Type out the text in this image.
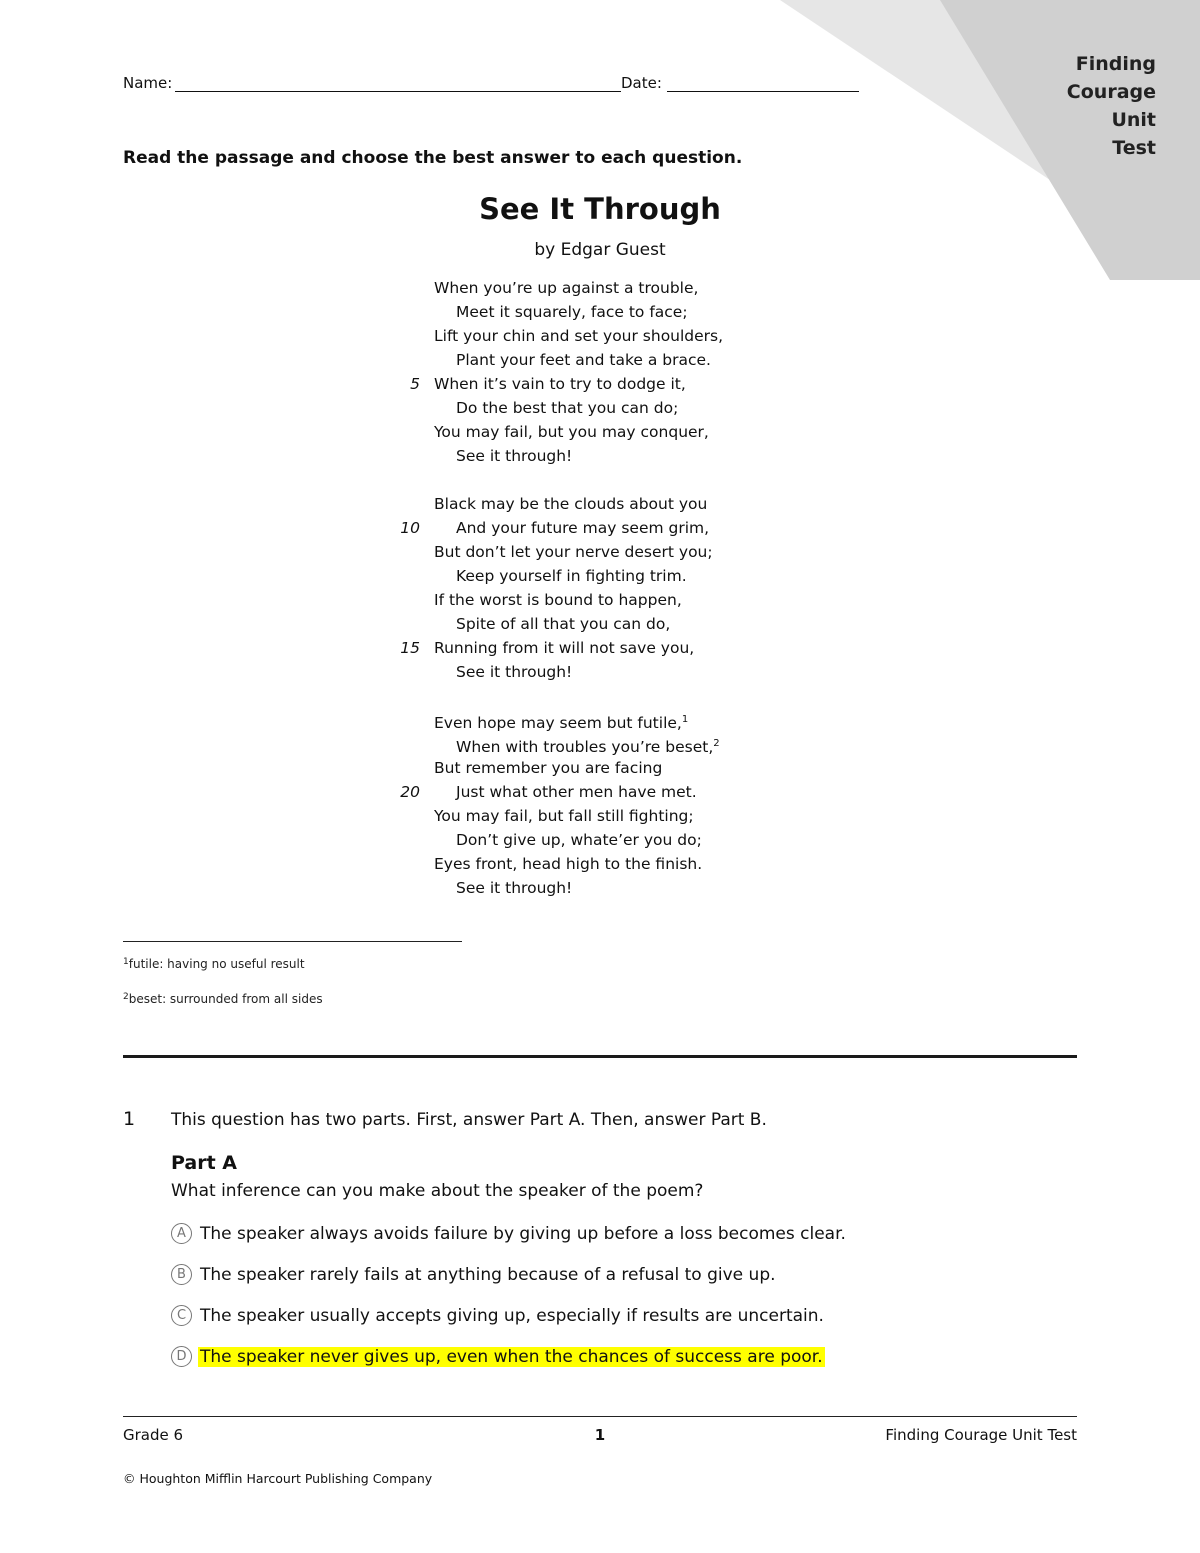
Finding
Courage
Unit Test
Name:	Date:
Read the passage and choose the best answer to each question.
See It Through
by Edgar Guest
When you’re up against a trouble,
Meet it squarely, face to face;
Lift your chin and set your shoulders,
Plant your feet and take a brace.
When it’s vain to try to dodge it,
5
Do the best that you can do;
You may fail, but you may conquer,
See it through!
Black may be the clouds about you
And your future may seem grim,
10
But don’t let your nerve desert you;
Keep yourself in fighting trim.
If the worst is bound to happen,
Spite of all that you can do,
Running from it will not save you,
15
See it through!
Even hope may seem but futile,$^1$
When with troubles you’re beset,$^2$
But remember you are facing
Just what other men have met.
20
You may fail, but fall still fighting;
Don’t give up, whate’er you do;
Eyes front, head high to the finish.
See it through!
$^1$futile: having no useful result
$^2$beset: surrounded from all sides
1 This question has two parts. First, answer Part A. Then, answer Part B.
Part A
What inference can you make about the speaker of the poem?
A The speaker always avoids failure by giving up before a loss becomes clear.
B The speaker rarely fails at anything because of a refusal to give up.
C The speaker usually accepts giving up, especially if results are uncertain.
D The speaker never gives up, even when the chances of success are poor.
Grade 6	1	Finding Courage Unit Test
© Houghton Mifflin Harcourt Publishing Company
